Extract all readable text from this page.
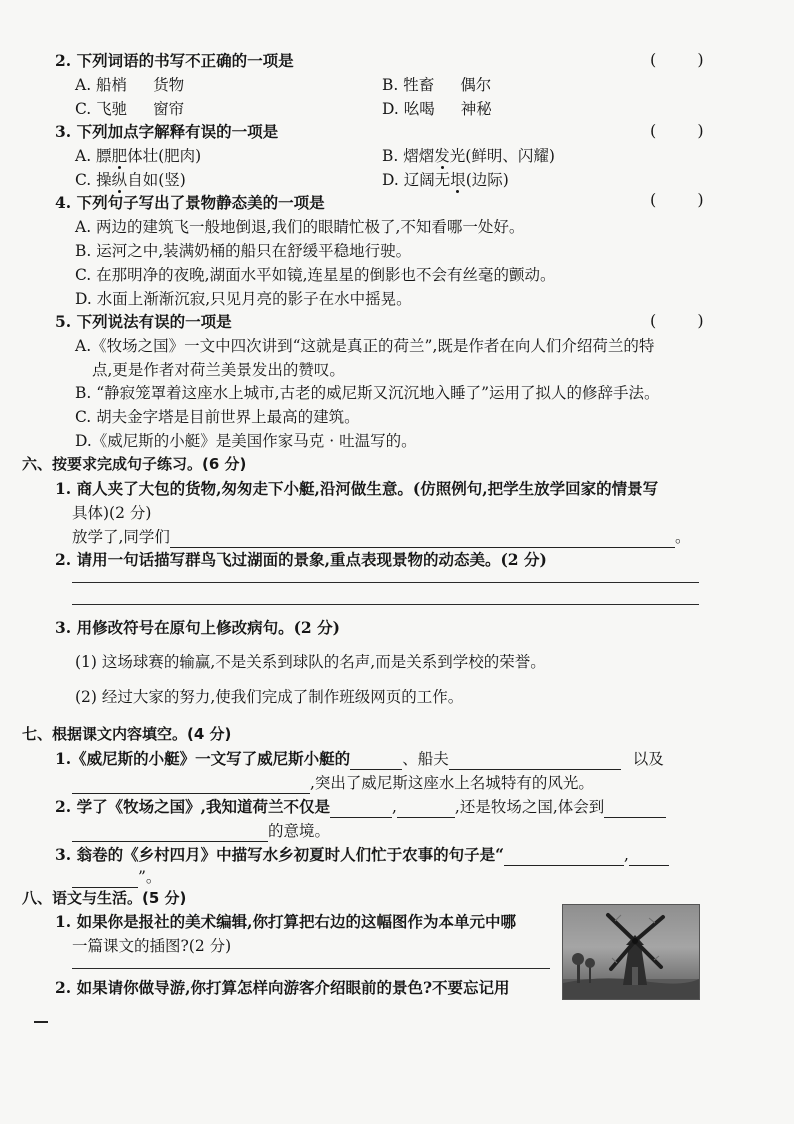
2. 下列词语的书写不正确的一项是	( )
A. 船梢 货物	B. 牲畜 偶尔
C. 飞驰 窗帘	D. 吆喝 神秘
3. 下列加点字解释有误的一项是	( )
A. 膘肥体壮(肥肉)	B. 熠熠发光(鲜明、闪耀)
C. 操纵自如(竖)	D. 辽阔无垠(边际)
4. 下列句子写出了景物静态美的一项是	( )
A. 两边的建筑飞一般地倒退,我们的眼睛忙极了,不知看哪一处好。
B. 运河之中,装满奶桶的船只在舒缓平稳地行驶。
C. 在那明净的夜晚,湖面水平如镜,连星星的倒影也不会有丝毫的颤动。
D. 水面上渐渐沉寂,只见月亮的影子在水中摇晃。
5. 下列说法有误的一项是	( )
A.《牧场之国》一文中四次讲到“这就是真正的荷兰”,既是作者在向人们介绍荷兰的特
点,更是作者对荷兰美景发出的赞叹。
B. “静寂笼罩着这座水上城市,古老的威尼斯又沉沉地入睡了”运用了拟人的修辞手法。
C. 胡夫金字塔是目前世界上最高的建筑。
D.《威尼斯的小艇》是美国作家马克 · 吐温写的。
六、按要求完成句子练习。(6 分)
1. 商人夹了大包的货物,匆匆走下小艇,沿河做生意。(仿照例句,把学生放学回家的情景写
具体)(2 分)
放学了,同学们	。
2. 请用一句话描写群鸟飞过湖面的景象,重点表现景物的动态美。(2 分)
3. 用修改符号在原句上修改病句。(2 分)
(1) 这场球赛的输赢,不是关系到球队的名声,而是关系到学校的荣誉。
(2) 经过大家的努力,使我们完成了制作班级网页的工作。
七、根据课文内容填空。(4 分)
1.《威尼斯的小艇》一文写了威尼斯小艇的	、船夫	以及
,突出了威尼斯这座水上名城特有的风光。
2. 学了《牧场之国》,我知道荷兰不仅是	,	,还是牧场之国,体会到
的意境。
3. 翁卷的《乡村四月》中描写水乡初夏时人们忙于农事的句子是“	,
”。
八、语文与生活。(5 分)
1. 如果你是报社的美术编辑,你打算把右边的这幅图作为本单元中哪
一篇课文的插图?(2 分)
2. 如果请你做导游,你打算怎样向游客介绍眼前的景色?不要忘记用
